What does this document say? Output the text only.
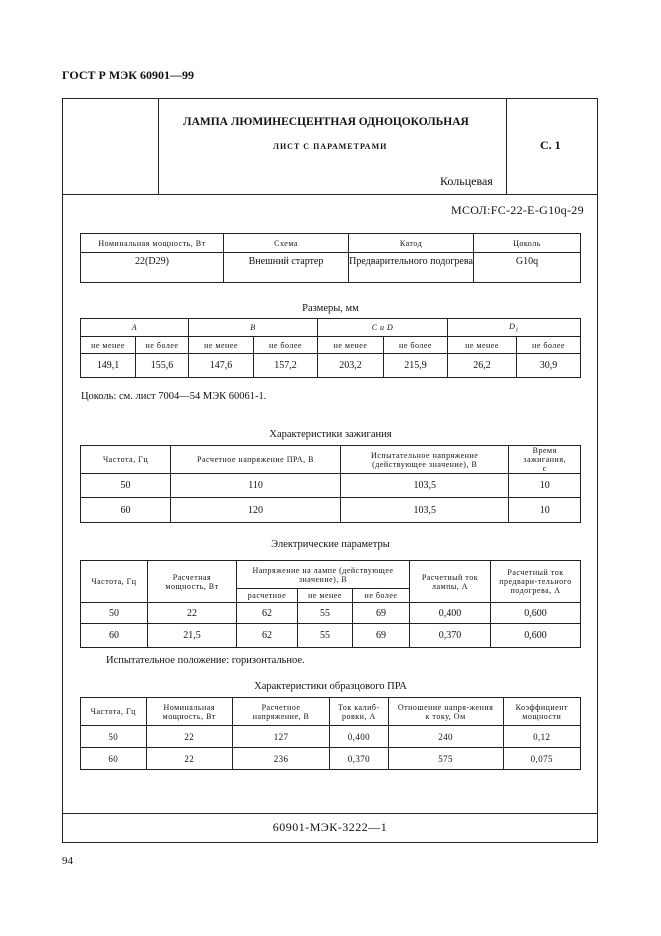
ГОСТ Р МЭК 60901—99
ЛАМПА ЛЮМИНЕСЦЕНТНАЯ ОДНОЦОКОЛЬНАЯ
ЛИСТ С ПАРАМЕТРАМИ
Кольцевая
С. 1
МСОЛ:FC-22-E-G10q-29
60901-МЭК-3222—1
Номинальная мощность, Вт	Схема	Катод	Цоколь
22(D29)	Внешний стартер	Предварительного подогрева	G10q
Размеры, мм
A		B		C и D		$D_1$
не менее	не более	не менее	не более	не менее	не более	не менее	не более
149,1	155,6	147,6	157,2	203,2	215,9	26,2	30,9
Цоколь: см. лист 7004—54 МЭК 60061-1.
Характеристики зажигания
Частота, Гц	Расчетное напряжение ПРА, В	Испытательное напряжение (действующее значение), В	Время зажигания, с
50	110	103,5	10
60	120	103,5	10
Электрические параметры
Частота, Гц	Расчетная мощность, Вт	Напряжение на лампе (действующее значение), В			Расчетный ток лампы, А	Расчетный ток предвари-тельного подогрева, А
		расчетное	не менее	не более		
50	22	62	55	69	0,400	0,600
60	21,5	62	55	69	0,370	0,600
Испытательное положение: горизонтальное.
Характеристики образцового ПРА
Частота, Гц	Номинальная мощность, Вт	Расчетное напряжение, В	Ток калиб-ровки, А	Отношение напря-жения к току, Ом	Коэффициент мощности
50	22	127	0,400	240	0,12
60	22	236	0,370	575	0,075
94
